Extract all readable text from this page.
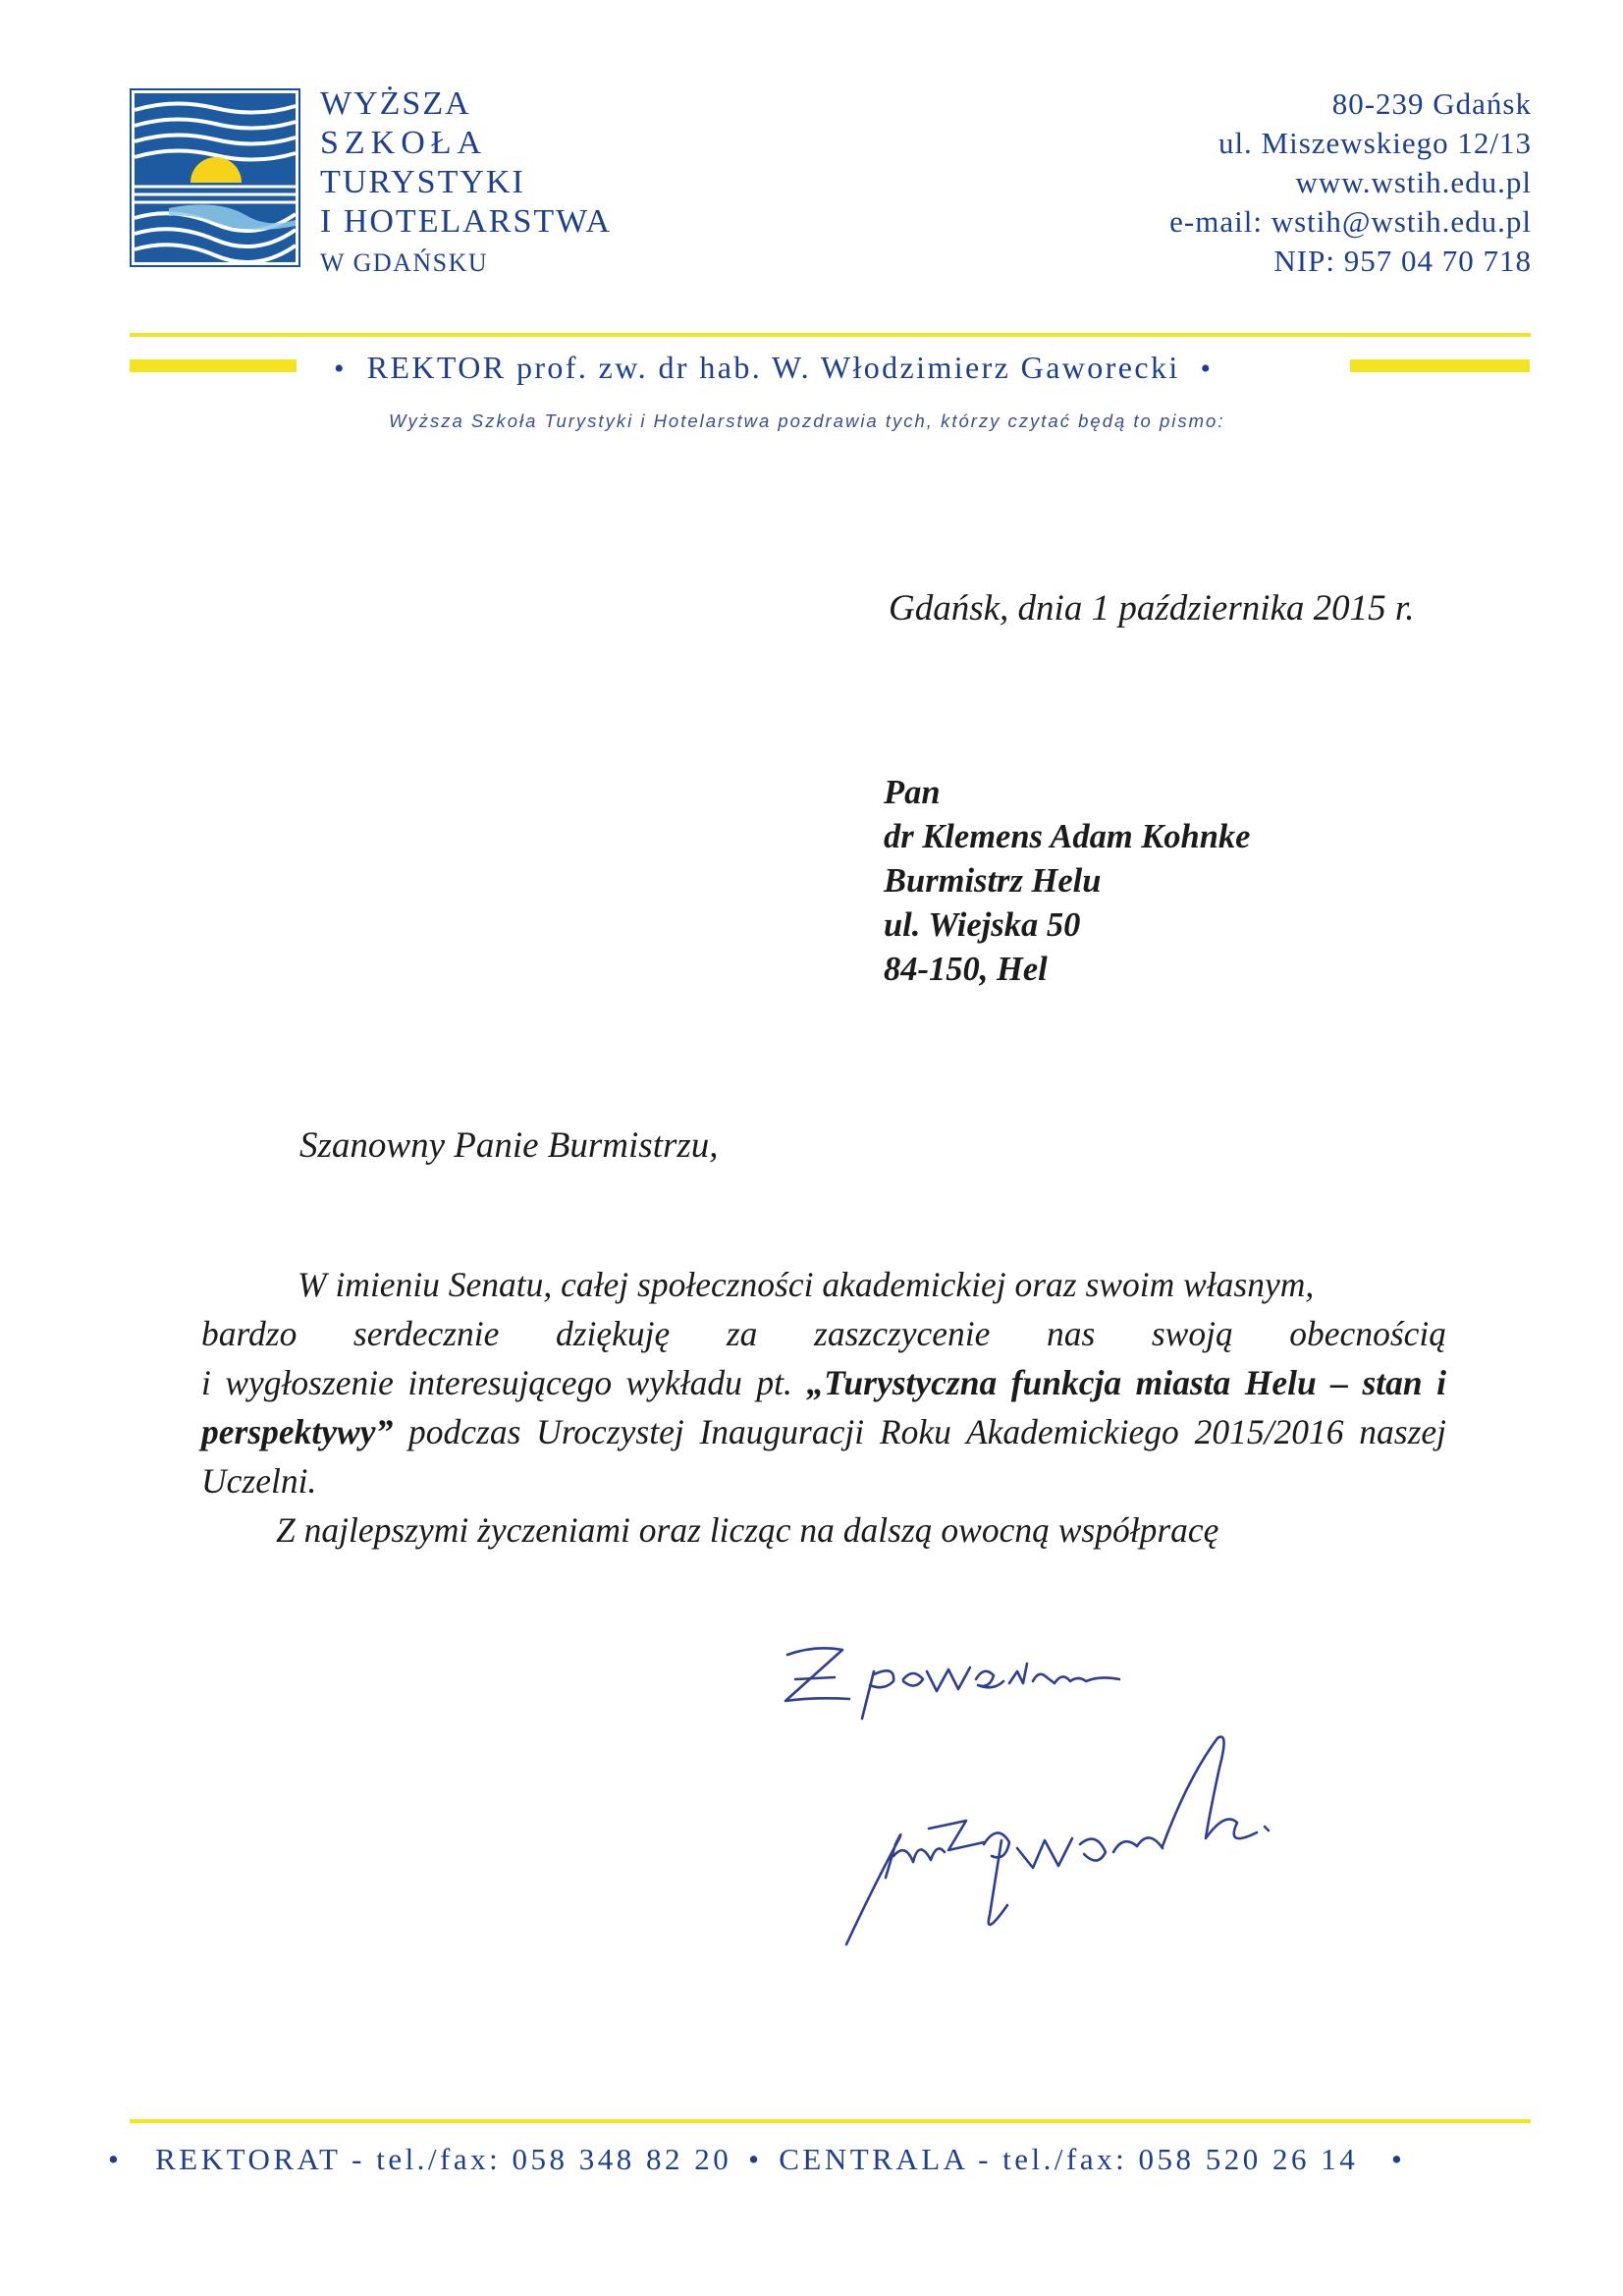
WYŻSZA
SZKOŁA
TURYSTYKI
I HOTELARSTWA
W GDAŃSKU
80-239 Gdańsk
ul. Miszewskiego 12/13
www.wstih.edu.pl
e-mail: wstih@wstih.edu.pl
NIP: 957 04 70 718
• REKTOR prof. zw. dr hab. W. Włodzimierz Gaworecki •
Wyższa Szkoła Turystyki i Hotelarstwa pozdrawia tych, którzy czytać będą to pismo:
Gdańsk, dnia 1 października 2015 r.
Pan
dr Klemens Adam Kohnke
Burmistrz Helu
ul. Wiejska 50
84-150, Hel
Szanowny Panie Burmistrzu,

W imieniu Senatu, całej społeczności akademickiej oraz swoim własnym,

bardzo serdecznie dziękuję za zaszczycenie nas swoją obecnością

i wygłoszenie interesującego wykładu pt. „Turystyczna funkcja miasta Helu – stan i perspektywy” podczas Uroczystej Inauguracji Roku Akademickiego 2015/2016 naszej Uczelni.

Z najlepszymi życzeniami oraz licząc na dalszą owocną współpracę

• REKTORAT - tel./fax: 058 348 82 20 • CENTRALA - tel./fax: 058 520 26 14 •
